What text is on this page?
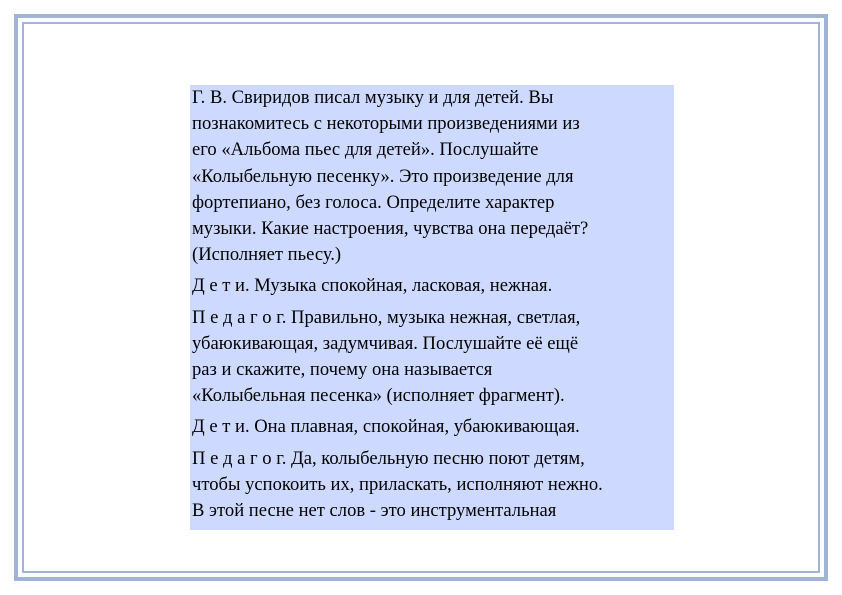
Г. В. Свиридов писал музыку и для детей. Вы
познакомитесь с некоторыми произведениями из
его «Альбома пьес для детей». Послушайте
«Колыбельную песенку». Это произведение для
фортепиано, без голоса. Определите характер
музыки. Какие настроения, чувства она передаёт?
(Исполняет пьесу.)
Д е т и. Музыка спокойная, ласковая, нежная.
П е д а г о г. Правильно, музыка нежная, светлая,
убаюкивающая, задумчивая. Послушайте её ещё
раз и скажите, почему она называется
«Колыбельная песенка» (исполняет фрагмент).
Д е т и. Она плавная, спокойная, убаюкивающая.
П е д а г о г. Да, колыбельную песню поют детям,
чтобы успокоить их, приласкать, исполняют нежно.
В этой песне нет слов - это инструментальная
